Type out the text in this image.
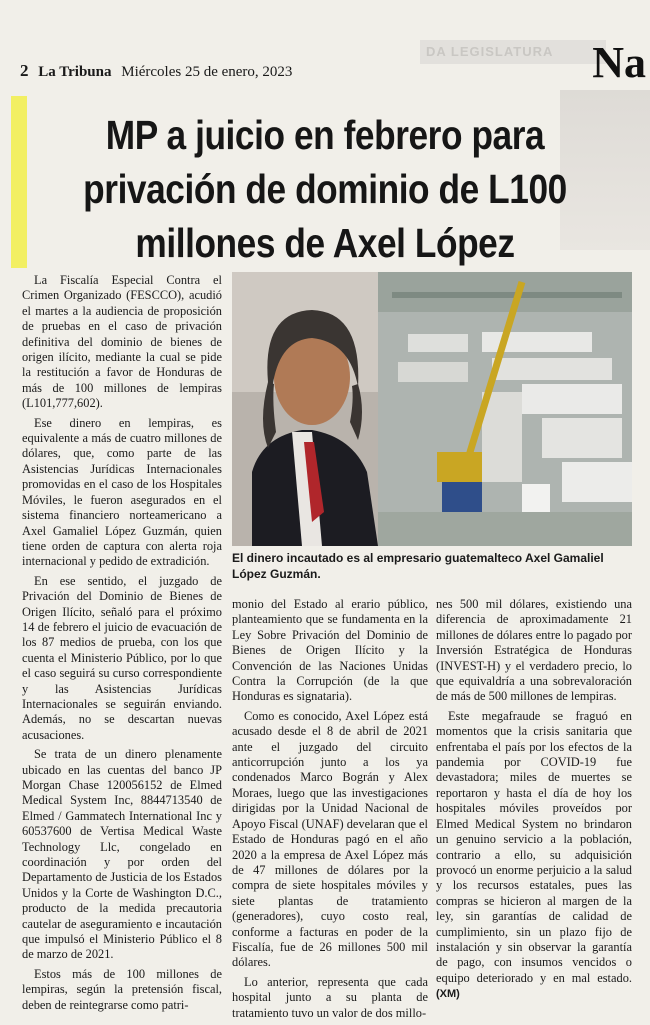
DA LEGISLATURA Na
2 La Tribuna Miércoles 25 de enero, 2023
MP a juicio en febrero para privación de dominio de L100 millones de Axel López
El dinero incautado es al empresario guatemalteco Axel Gamaliel López Guzmán.

La Fiscalía Especial Contra el Crimen Organizado (FESCCO), acudió el martes a la audiencia de proposición de pruebas en el caso de privación definitiva del dominio de bienes de origen ilícito, mediante la cual se pide la restitución a favor de Honduras de más de 100 millones de lempiras (L101,777,602).

Ese dinero en lempiras, es equivalente a más de cuatro millones de dólares, que, como parte de las Asistencias Jurídicas Internacionales promovidas en el caso de los Hospitales Móviles, le fueron asegurados en el sistema financiero norteamericano a Axel Gamaliel López Guzmán, quien tiene orden de captura con alerta roja internacional y pedido de extradición.

En ese sentido, el juzgado de Privación del Dominio de Bienes de Origen Ilícito, señaló para el próximo 14 de febrero el juicio de evacuación de los 87 medios de prueba, con los que cuenta el Ministerio Público, por lo que el caso seguirá su curso correspondiente y las Asistencias Jurídicas Internacionales se seguirán enviando. Además, no se descartan nuevas acusaciones.

Se trata de un dinero plenamente ubicado en las cuentas del banco JP Morgan Chase 120056152 de Elmed Medical System Inc, 8844713540 de Elmed / Gammatech International Inc y 60537600 de Vertisa Medical Waste Technology Llc, congelado en coordinación y por orden del Departamento de Justicia de los Estados Unidos y la Corte de Washington D.C., producto de la medida precautoria cautelar de aseguramiento e incautación que impulsó el Ministerio Público el 8 de marzo de 2021.

Estos más de 100 millones de lempiras, según la pretensión fiscal, deben de reintegrarse como patri-

monio del Estado al erario público, planteamiento que se fundamenta en la Ley Sobre Privación del Dominio de Bienes de Origen Ilícito y la Convención de las Naciones Unidas Contra la Corrupción (de la que Honduras es signataria).

Como es conocido, Axel López está acusado desde el 8 de abril de 2021 ante el juzgado del circuito anticorrupción junto a los ya condenados Marco Bográn y Alex Moraes, luego que las investigaciones dirigidas por la Unidad Nacional de Apoyo Fiscal (UNAF) develaran que el Estado de Honduras pagó en el año 2020 a la empresa de Axel López más de 47 millones de dólares por la compra de siete hospitales móviles y siete plantas de tratamiento (generadores), cuyo costo real, conforme a facturas en poder de la Fiscalía, fue de 26 millones 500 mil dólares.

Lo anterior, representa que cada hospital junto a su planta de tratamiento tuvo un valor de dos millo-

nes 500 mil dólares, existiendo una diferencia de aproximadamente 21 millones de dólares entre lo pagado por Inversión Estratégica de Honduras (INVEST-H) y el verdadero precio, lo que equivaldría a una sobrevaloración de más de 500 millones de lempiras.

Este megafraude se fraguó en momentos que la crisis sanitaria que enfrentaba el país por los efectos de la pandemia por COVID-19 fue devastadora; miles de muertes se reportaron y hasta el día de hoy los hospitales móviles proveídos por Elmed Medical System no brindaron un genuino servicio a la población, contrario a ello, su adquisición provocó un enorme perjuicio a la salud y los recursos estatales, pues las compras se hicieron al margen de la ley, sin garantías de calidad de cumplimiento, sin un plazo fijo de instalación y sin observar la garantía de pago, con insumos vencidos o equipo deteriorado y en mal estado. (XM)
